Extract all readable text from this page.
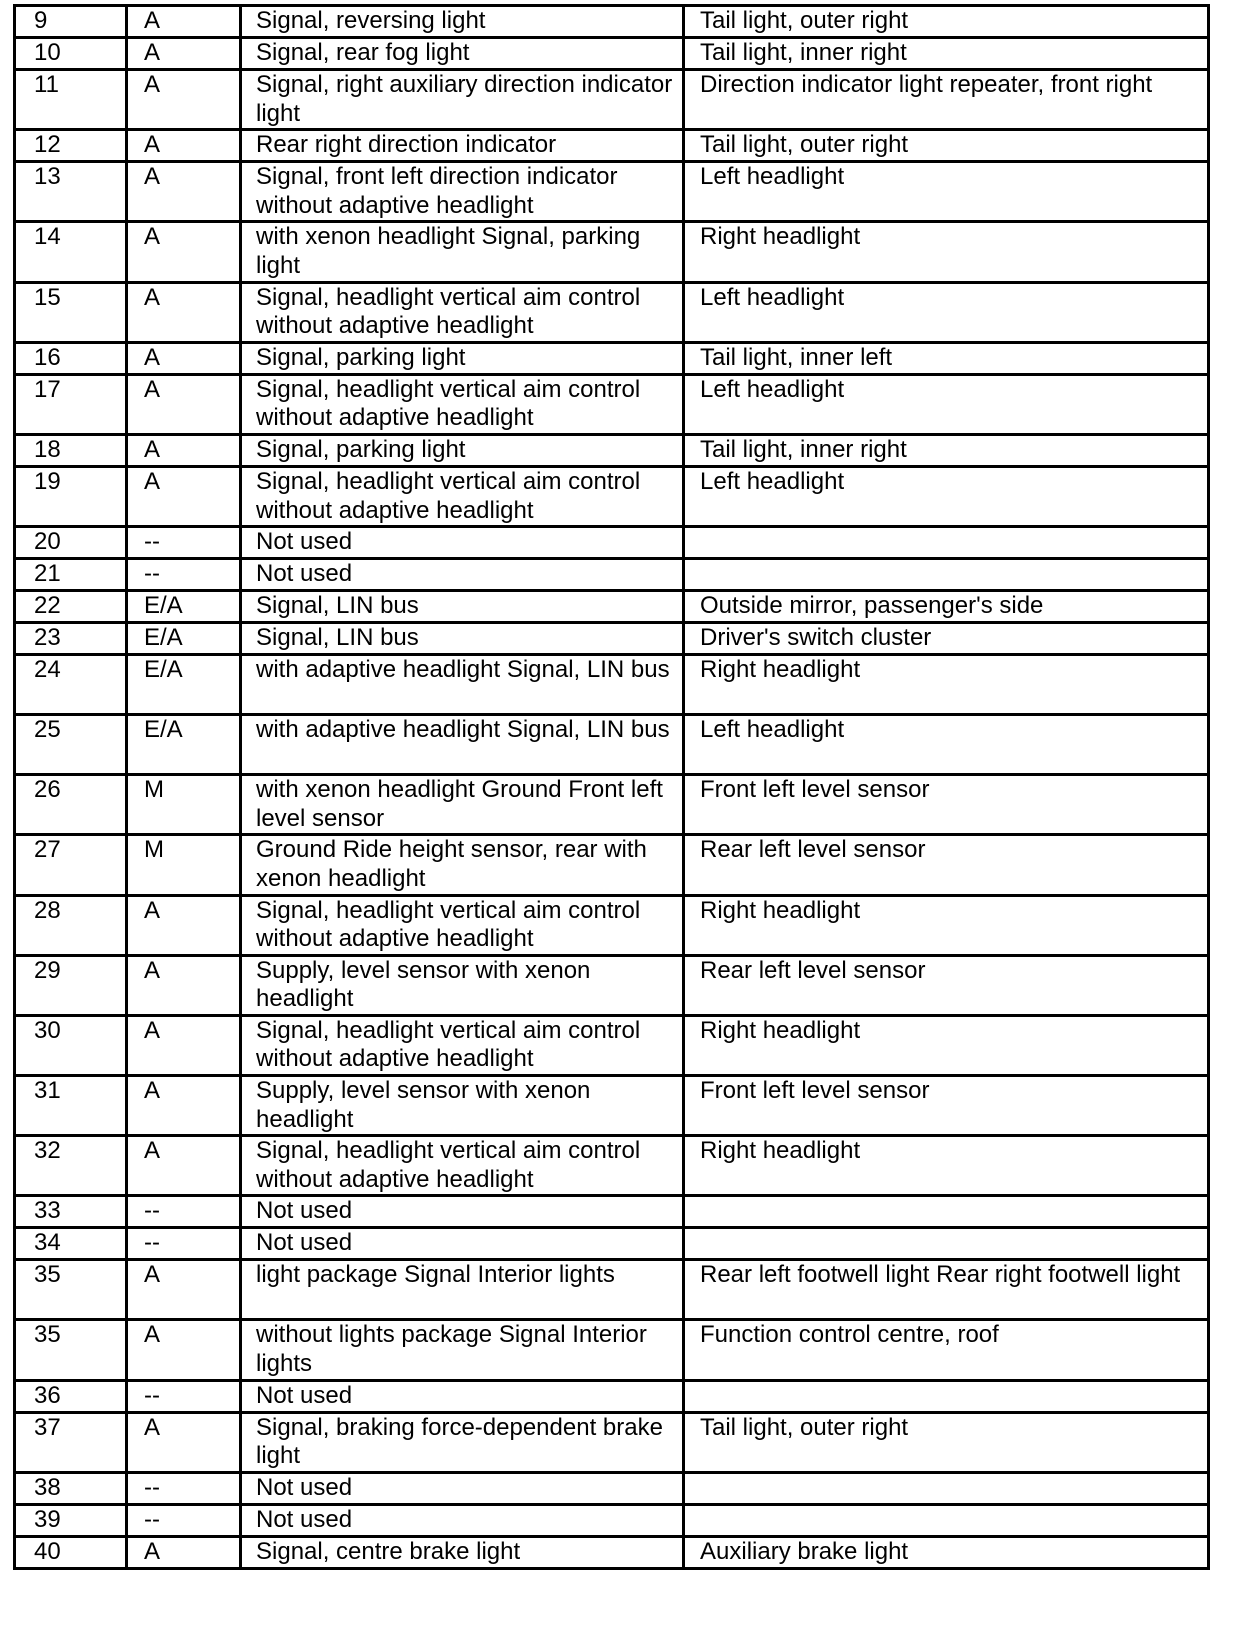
9	A	Signal, reversing light	Tail light, outer right
10	A	Signal, rear fog light	Tail light, inner right
11	A	Signal, right auxiliary direction indicator light	Direction indicator light repeater, front right
12	A	Rear right direction indicator	Tail light, outer right
13	A	Signal, front left direction indicator without adaptive headlight	Left headlight
14	A	with xenon headlight Signal, parking light	Right headlight
15	A	Signal, headlight vertical aim control without adaptive headlight	Left headlight
16	A	Signal, parking light	Tail light, inner left
17	A	Signal, headlight vertical aim control without adaptive headlight	Left headlight
18	A	Signal, parking light	Tail light, inner right
19	A	Signal, headlight vertical aim control without adaptive headlight	Left headlight
20	--	Not used	
21	--	Not used	
22	E/A	Signal, LIN bus	Outside mirror, passenger's side
23	E/A	Signal, LIN bus	Driver's switch cluster
24	E/A	with adaptive headlight Signal, LIN bus	Right headlight
25	E/A	with adaptive headlight Signal, LIN bus	Left headlight
26	M	with xenon headlight Ground Front left level sensor	Front left level sensor
27	M	Ground Ride height sensor, rear with xenon headlight	Rear left level sensor
28	A	Signal, headlight vertical aim control without adaptive headlight	Right headlight
29	A	Supply, level sensor with xenon headlight	Rear left level sensor
30	A	Signal, headlight vertical aim control without adaptive headlight	Right headlight
31	A	Supply, level sensor with xenon headlight	Front left level sensor
32	A	Signal, headlight vertical aim control without adaptive headlight	Right headlight
33	--	Not used	
34	--	Not used	
35	A	light package Signal Interior lights	Rear left footwell light Rear right footwell light
35	A	without lights package Signal Interior lights	Function control centre, roof
36	--	Not used	
37	A	Signal, braking force-dependent brake light	Tail light, outer right
38	--	Not used	
39	--	Not used	
40	A	Signal, centre brake light	Auxiliary brake light
